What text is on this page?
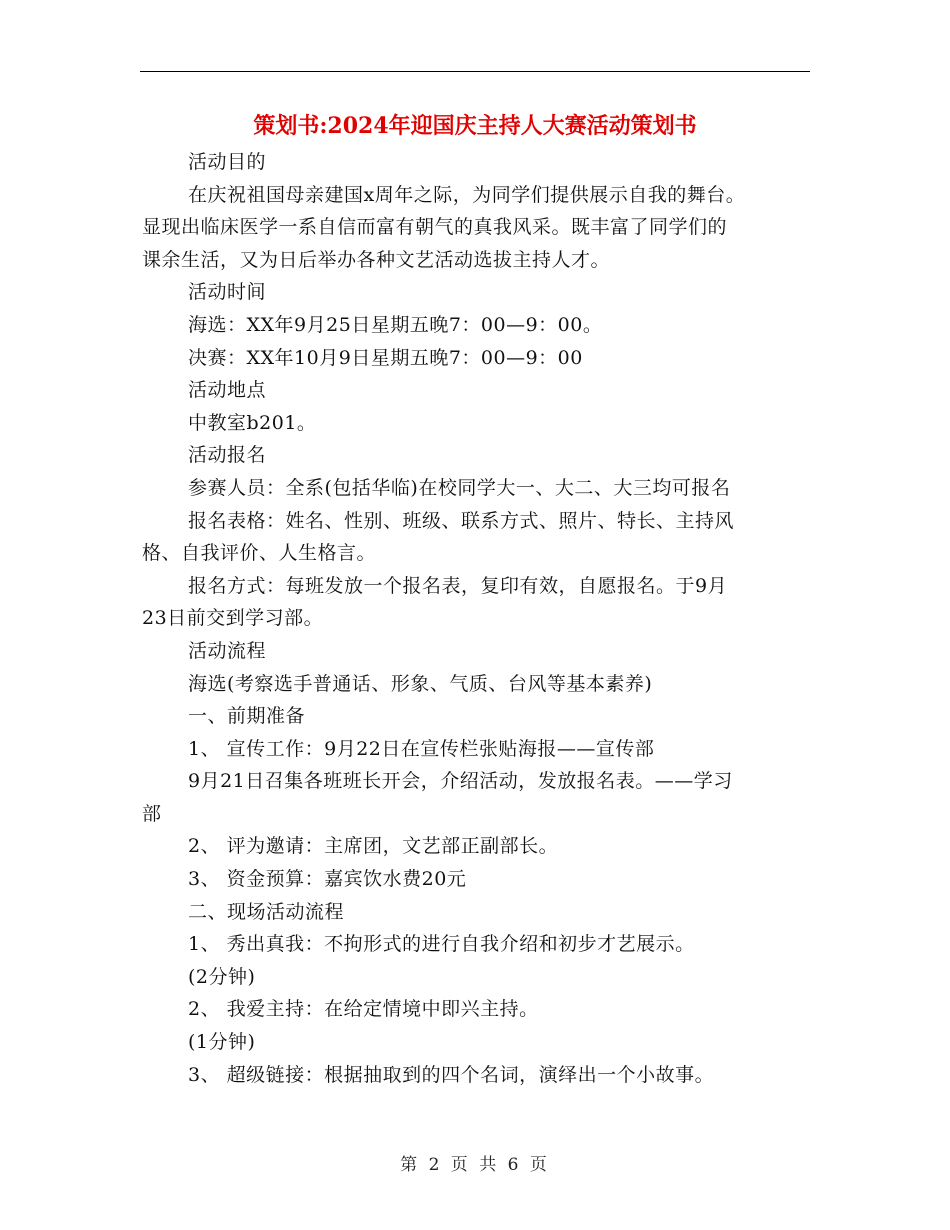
策划书:2024年迎国庆主持人大赛活动策划书

活动目的

在庆祝祖国母亲建国x周年之际，为同学们提供展示自我的舞台。

显现出临床医学一系自信而富有朝气的真我风采。既丰富了同学们的

课余生活，又为日后举办各种文艺活动选拔主持人才。

活动时间

海选：XX年9月25日星期五晚7：00—9：00。

决赛：XX年10月9日星期五晚7：00—9：00

活动地点

中教室b201。

活动报名

参赛人员：全系(包括华临)在校同学大一、大二、大三均可报名

报名表格：姓名、性别、班级、联系方式、照片、特长、主持风

格、自我评价、人生格言。

报名方式：每班发放一个报名表，复印有效，自愿报名。于9月

23日前交到学习部。

活动流程

海选(考察选手普通话、形象、气质、台风等基本素养)

一、前期准备

1、 宣传工作：9月22日在宣传栏张贴海报——宣传部

9月21日召集各班班长开会，介绍活动，发放报名表。——学习

部

2、 评为邀请：主席团，文艺部正副部长。

3、 资金预算：嘉宾饮水费20元

二、现场活动流程

1、 秀出真我：不拘形式的进行自我介绍和初步才艺展示。

(2分钟)

2、 我爱主持：在给定情境中即兴主持。

(1分钟)

3、 超级链接：根据抽取到的四个名词，演绎出一个小故事。

第 2 页 共 6 页
